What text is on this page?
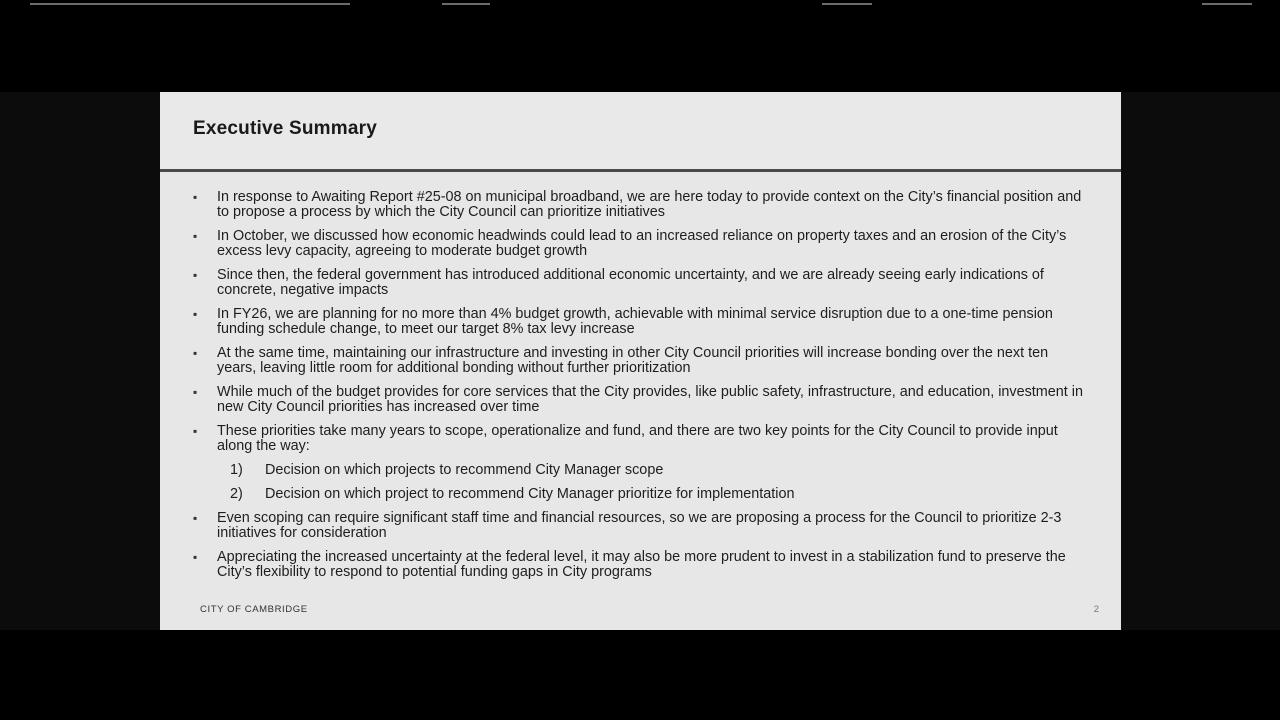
Executive Summary
▪ In response to Awaiting Report #25-08 on municipal broadband, we are here today to provide context on the City’s financial position and to propose a process by which the City Council can prioritize initiatives
▪ In October, we discussed how economic headwinds could lead to an increased reliance on property taxes and an erosion of the City’s excess levy capacity, agreeing to moderate budget growth
▪ Since then, the federal government has introduced additional economic uncertainty, and we are already seeing early indications of concrete, negative impacts
▪ In FY26, we are planning for no more than 4% budget growth, achievable with minimal service disruption due to a one-time pension funding schedule change, to meet our target 8% tax levy increase
▪ At the same time, maintaining our infrastructure and investing in other City Council priorities will increase bonding over the next ten years, leaving little room for additional bonding without further prioritization
▪ While much of the budget provides for core services that the City provides, like public safety, infrastructure, and education, investment in new City Council priorities has increased over time
▪ These priorities take many years to scope, operationalize and fund, and there are two key points for the City Council to provide input along the way:
1) Decision on which projects to recommend City Manager scope
2) Decision on which project to recommend City Manager prioritize for implementation
▪ Even scoping can require significant staff time and financial resources, so we are proposing a process for the Council to prioritize 2-3 initiatives for consideration
▪ Appreciating the increased uncertainty at the federal level, it may also be more prudent to invest in a stabilization fund to preserve the City’s flexibility to respond to potential funding gaps in City programs
CITY OF CAMBRIDGE	2
